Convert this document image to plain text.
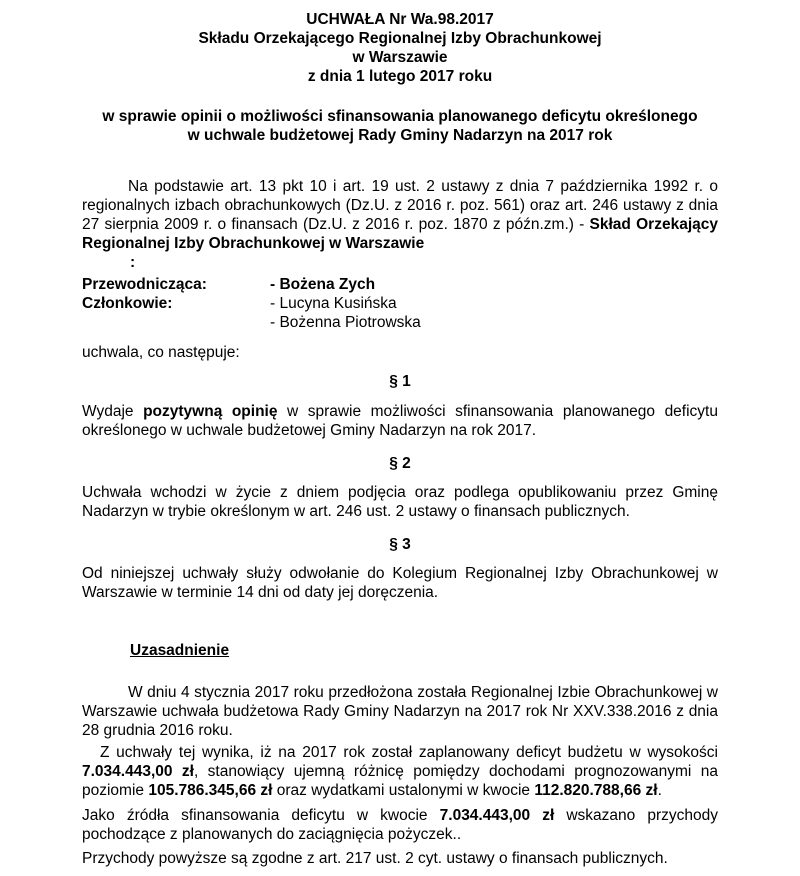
UCHWAŁA Nr Wa.98.2017
Składu Orzekającego Regionalnej Izby Obrachunkowej
w Warszawie
z dnia 1 lutego 2017 roku
w sprawie opinii o możliwości sfinansowania planowanego deficytu określonego
w uchwale budżetowej Rady Gminy Nadarzyn na 2017 rok
Na podstawie art. 13 pkt 10 i art. 19 ust. 2 ustawy z dnia 7 października 1992 r. o regionalnych izbach obrachunkowych (Dz.U. z 2016 r. poz. 561) oraz art. 246 ustawy z dnia 27 sierpnia 2009 r. o finansach (Dz.U. z 2016 r. poz. 1870 z późn.zm.) - Skład Orzekający Regionalnej Izby Obrachunkowej w Warszawie
:
Przewodnicząca:	- Bożena Zych
Członkowie:	- Lucyna Kusińska
- Bożenna Piotrowska
uchwala, co następuje:
§ 1
Wydaje pozytywną opinię w sprawie możliwości sfinansowania planowanego deficytu określonego w uchwale budżetowej Gminy Nadarzyn na rok 2017.
§ 2
Uchwała wchodzi w życie z dniem podjęcia oraz podlega opublikowaniu przez Gminę Nadarzyn w trybie określonym w art. 246 ust. 2 ustawy o finansach publicznych.
§ 3
Od niniejszej uchwały służy odwołanie do Kolegium Regionalnej Izby Obrachunkowej w Warszawie w terminie 14 dni od daty jej doręczenia.
Uzasadnienie
W dniu 4 stycznia 2017 roku przedłożona została Regionalnej Izbie Obrachunkowej w Warszawie uchwała budżetowa Rady Gminy Nadarzyn na 2017 rok Nr XXV.338.2016 z dnia 28 grudnia 2016 roku.
Z uchwały tej wynika, iż na 2017 rok został zaplanowany deficyt budżetu w wysokości 7.034.443,00 zł, stanowiący ujemną różnicę pomiędzy dochodami prognozowanymi na poziomie 105.786.345,66 zł oraz wydatkami ustalonymi w kwocie 112.820.788,66 zł.
Jako źródła sfinansowania deficytu w kwocie 7.034.443,00 zł wskazano przychody pochodzące z planowanych do zaciągnięcia pożyczek..
Przychody powyższe są zgodne z art. 217 ust. 2 cyt. ustawy o finansach publicznych.
